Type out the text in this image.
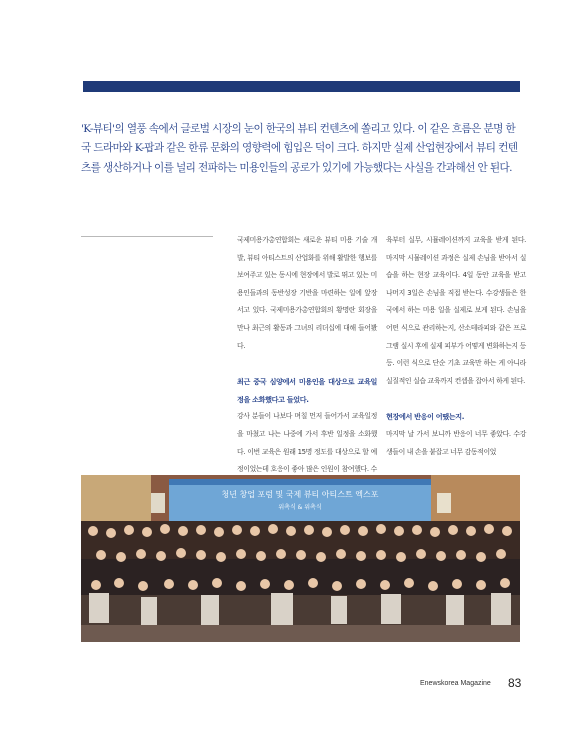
'K-뷰티'의 열풍 속에서 글로벌 시장의 눈이 한국의 뷰티 컨텐츠에 쏠리고 있다. 이 같은 흐름은 분명 한국 드라마와 K-팝과 같은 한류 문화의 영향력에 힘입은 덕이 크다. 하지만 실제 산업현장에서 뷰티 컨텐츠를 생산하거나 이를 널리 전파하는 미용인들의 공로가 있기에 가능했다는 사실을 간과해선 안 된다.

국제미용가총연합회는 새로운 뷰티 미용 기술 개발, 뷰티 아티스트의 산업화를 위해 활발한 행보를 보여주고 있는 동시에 현장에서 발로 뛰고 있는 미용인들과의 동반성장 기반을 마련하는 일에 앞장서고 있다. 국제미용가총연합회의 황명란 회장을 만나 최근의 활동과 그녀의 리더십에 대해 들어봤다.

최근 중국 심양에서 미용인을 대상으로 교육일정을 소화했다고 들었다.

강사 분들이 나보다 며칠 먼저 들어가서 교육일정을 마쳤고 나는 나중에 가서 후반 일정을 소화했다. 이번 교육은 원래 15명 정도를 대상으로 할 예정이었는데 호응이 좋아 많은 인원이 참여했다. 수

육부터 실무, 시뮬레이션까지 교육을 받게 된다. 마지막 시뮬레이션 과정은 실제 손님을 받아서 실습을 하는 현장 교육이다. 4일 동안 교육을 받고 나머지 3일은 손님을 직접 받는다. 수강생들은 한국에서 하는 미용 일을 실제로 보게 된다. 손님을 어떤 식으로 관리하는지, 산소테라피와 같은 프로그램 실시 후에 실제 피부가 어떻게 변화하는지 등등. 이런 식으로 단순 기초 교육만 하는 게 아니라 실질적인 실습 교육까지 컨셉을 잡아서 하게 된다.

현장에서 반응이 어땠는지.

마지막 날 가서 보니까 반응이 너무 좋았다. 수강생들이 내 손을 붙잡고 너무 감동적이었

청년 창업 포럼 및 국제 뷰티 아티스트 엑스포
위촉식 & 위촉식
Enewskorea Magazine 83
